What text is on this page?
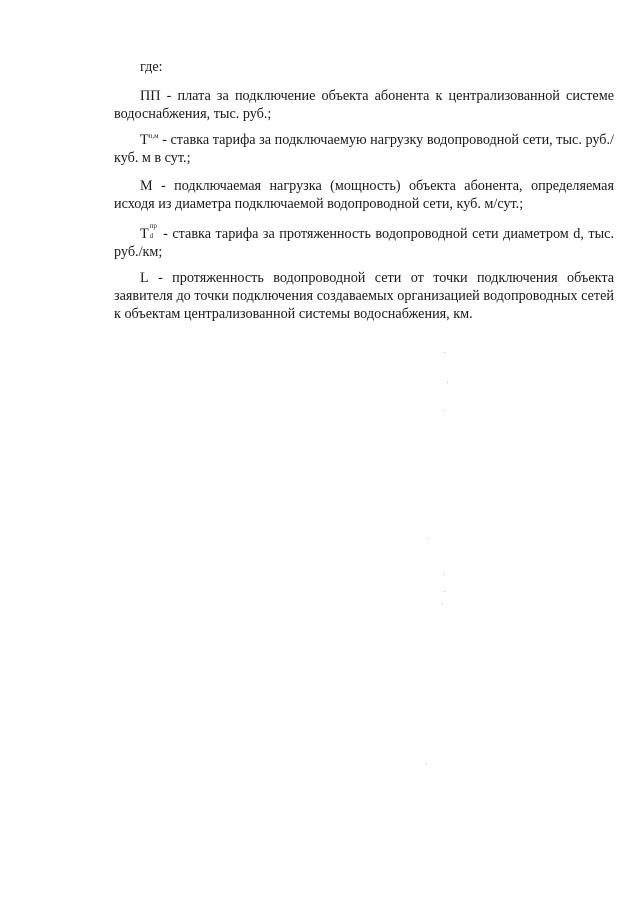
где:

ПП - плата за подключение объекта абонента к централизованной системе водоснабжения, тыс. руб.;

$T^{п,м}$ - ставка тарифа за подключаемую нагрузку водопроводной сети, тыс. руб./куб. м в сут.;

М - подключаемая нагрузка (мощность) объекта абонента, определяемая исходя из диаметра подключаемой водопроводной сети, куб. м/сут.;

T пр
d - ставка тарифа за протяженность водопроводной сети диаметром d, тыс. руб./км;

L - протяженность водопроводной сети от точки подключения объекта заявителя до точки подключения создаваемых организацией водопроводных сетей к объектам централизованной системы водоснабжения, км.
